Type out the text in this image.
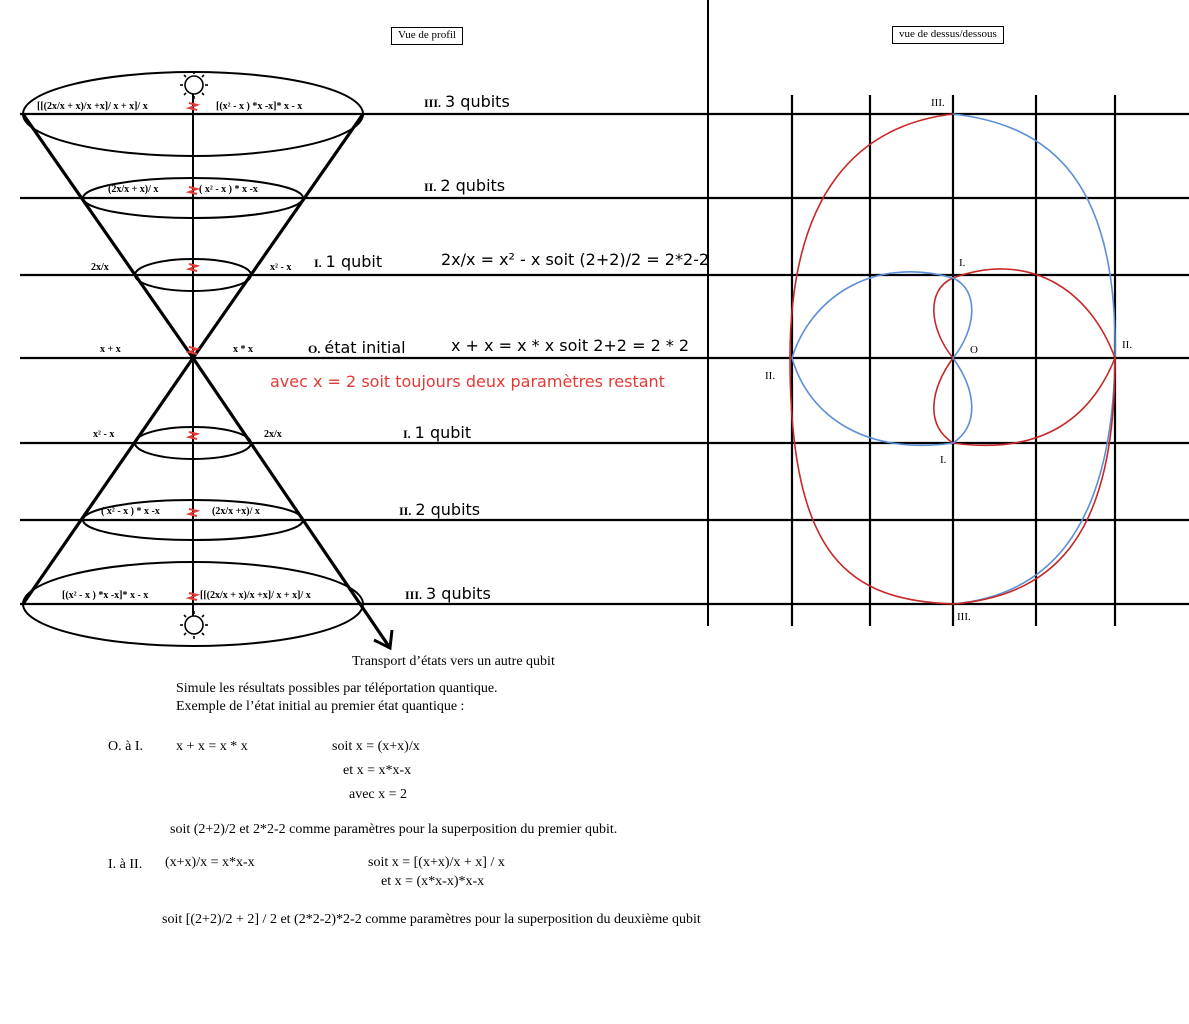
Vue de profil	vue de dessus/dessous
[[(2x/x + x)/x +x]/ x + x]/ x	[(x² - x ) *x -x]* x - x
(2x/x + x)/ x	( x² - x ) * x -x
2x/x	x² - x
x + x	x * x
x² - x	2x/x
( x² - x ) * x -x	(2x/x +x)/ x
[(x² - x ) *x -x]* x - x	[[(2x/x + x)/x +x]/ x + x]/ x
III. 3 qubits
II. 2 qubits
I. 1 qubit
O. état initial
I. 1 qubit
II. 2 qubits
III. 3 qubits
2x/x = x² - x soit (2+2)/2 = 2*2-2
x + x = x * x soit 2+2 = 2 * 2
avec x = 2 soit toujours deux paramètres restant
III.
I.
O	II.
II.
I.
III.
Transport d’états vers un autre qubit
Simule les résultats possibles par téléportation quantique.
Exemple de l’état initial au premier état quantique :
O. à I. x + x = x * x	soit x = (x+x)/x
et x = x*x-x
avec x = 2
soit (2+2)/2 et 2*2-2 comme paramètres pour la superposition du premier qubit.
I. à II. (x+x)/x = x*x-x	soit x = [(x+x)/x + x] / x
et x = (x*x-x)*x-x
soit [(2+2)/2 + 2] / 2 et (2*2-2)*2-2 comme paramètres pour la superposition du deuxième qubit
